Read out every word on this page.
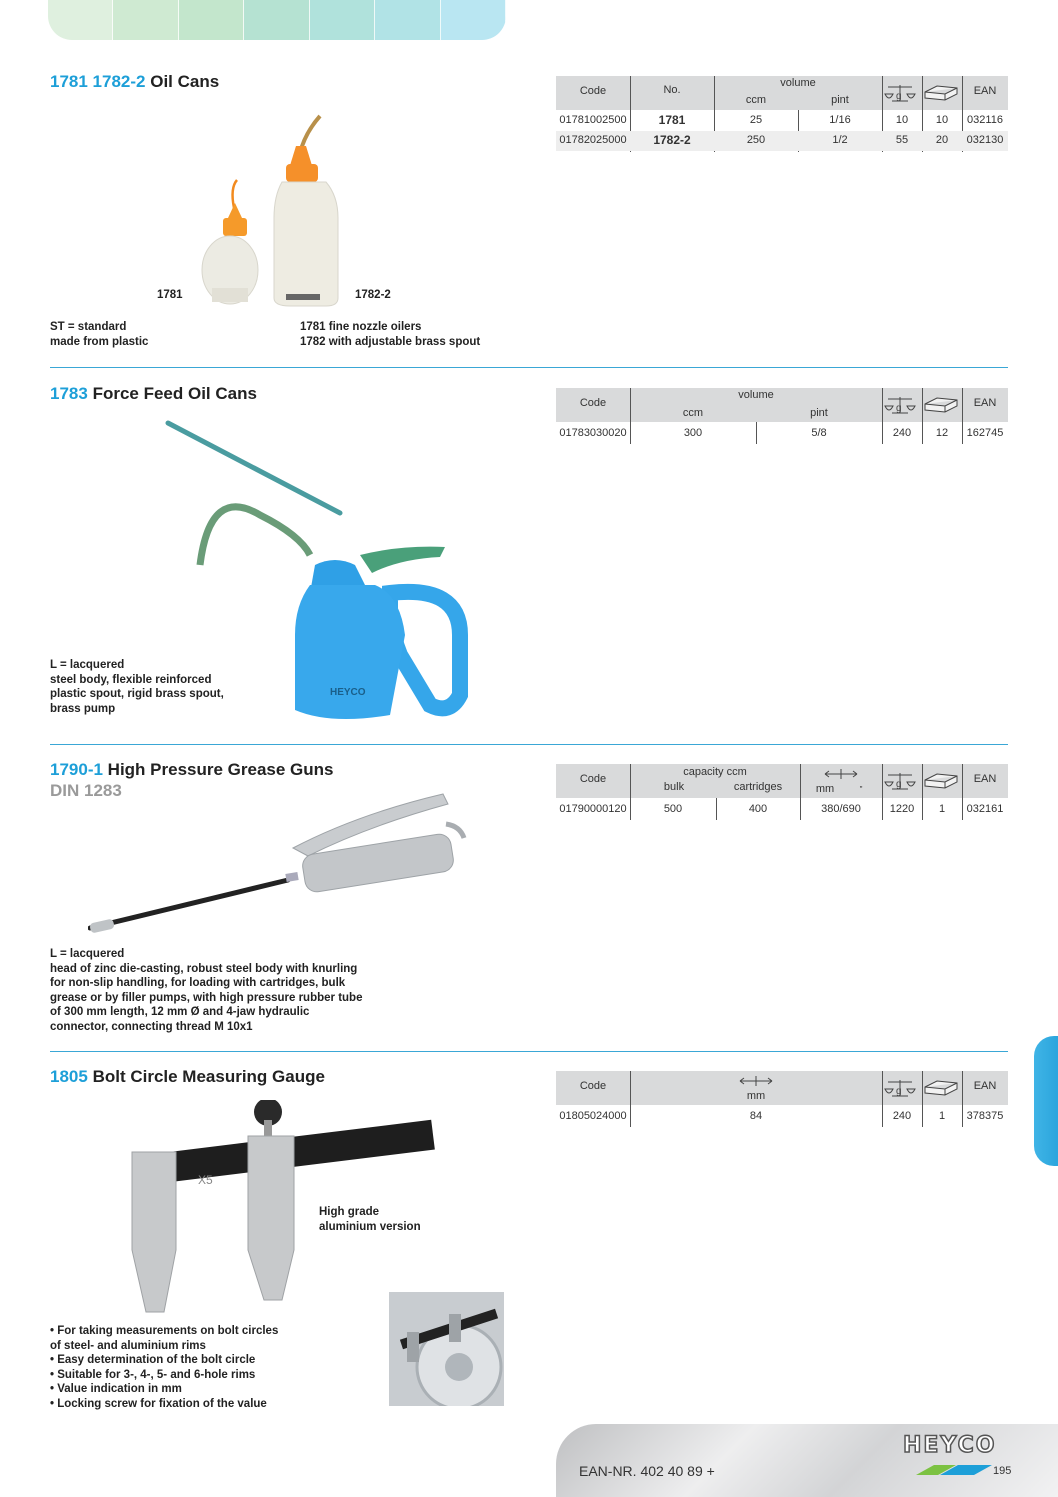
1781 1782-2 Oil Cans
1781	1782-2
ST = standard
made from plastic
1781 fine nozzle oilers
1782 with adjustable brass spout
Code	No.
volume
ccm	pint	g	EAN
01781002500	1781	25	1/16	10	10	032116
01782025000	1782-2	250	1/2	55	20	032130
1783 Force Feed Oil Cans
HEYCO
L = lacquered
steel body, flexible reinforced
plastic spout, rigid brass spout,
brass pump
Code
volume
ccm	pint	g	EAN
01783030020	300	5/8	240	12	162745
1790-1 High Pressure Grease Guns
DIN 1283
L = lacquered
head of zinc die-casting, robust steel body with knurling
for non-slip handling, for loading with cartridges, bulk
grease or by filler pumps, with high pressure rubber tube
of 300 mm length, 12 mm Ø and 4-jaw hydraulic
connector, connecting thread M 10x1
Code
capacity ccm
bulk	cartridges	mm	"	g	EAN
01790000120	500	400	380/690	1220	1	032161
1805 Bolt Circle Measuring Gauge
X5
High grade
aluminium version
• For taking measurements on bolt circles
of steel- and aluminium rims
• Easy determination of the bolt circle
• Suitable for 3-, 4-, 5- and 6-hole rims
• Value indication in mm
• Locking screw for fixation of the value
Code
mm	g	EAN
01805024000	84	240	1	378375
EAN-NR. 402 40 89 +
HEYCO
195
